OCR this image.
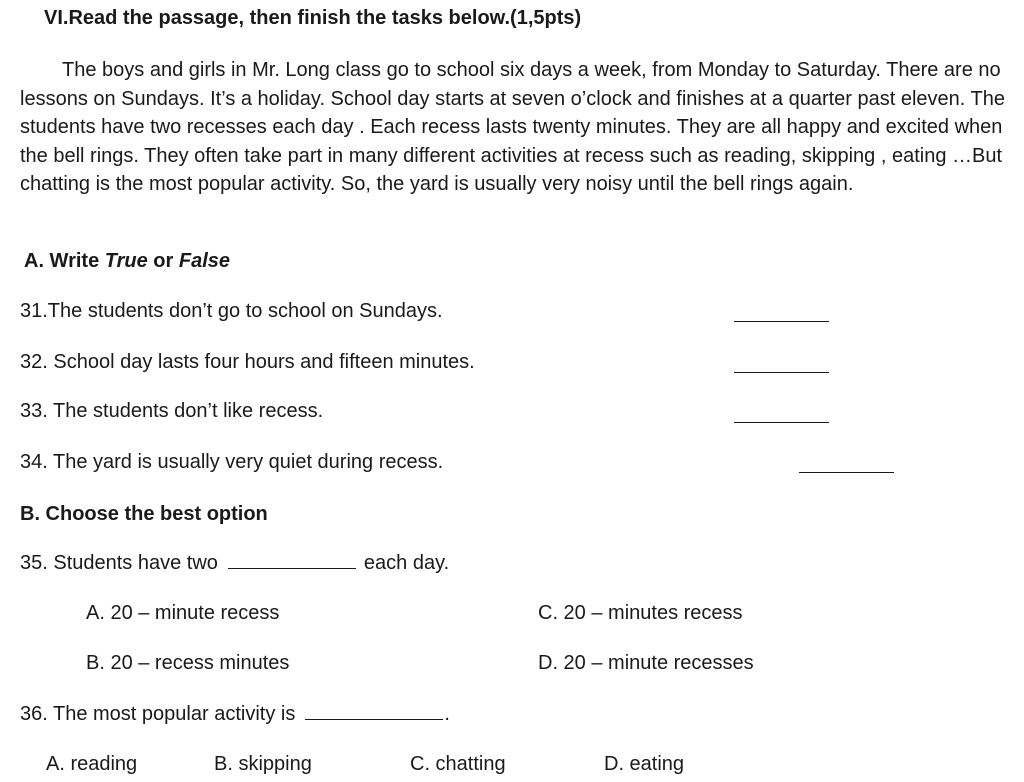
VI.Read the passage, then finish the tasks below.(1,5pts)

The boys and girls in Mr. Long class go to school six days a week, from Monday to Saturday. There are no lessons on Sundays. It’s a holiday. School day starts at seven o’clock and finishes at a quarter past eleven. The students have two recesses each day . Each recess lasts twenty minutes. They are all happy and excited when the bell rings. They often take part in many different activities at recess such as reading, skipping , eating …But chatting is the most popular activity. So, the yard is usually very noisy until the bell rings again.

A. Write True or False
31.The students don’t go to school on Sundays.
32. School day lasts four hours and fifteen minutes.
33. The students don’t like recess.
34. The yard is usually very quiet during recess.
B. Choose the best option
35. Students have two	each day.
A. 20 – minute recess	C. 20 – minutes recess
B. 20 – recess minutes	D. 20 – minute recesses
36. The most popular activity is	.
A. reading	B. skipping	C. chatting	D. eating
